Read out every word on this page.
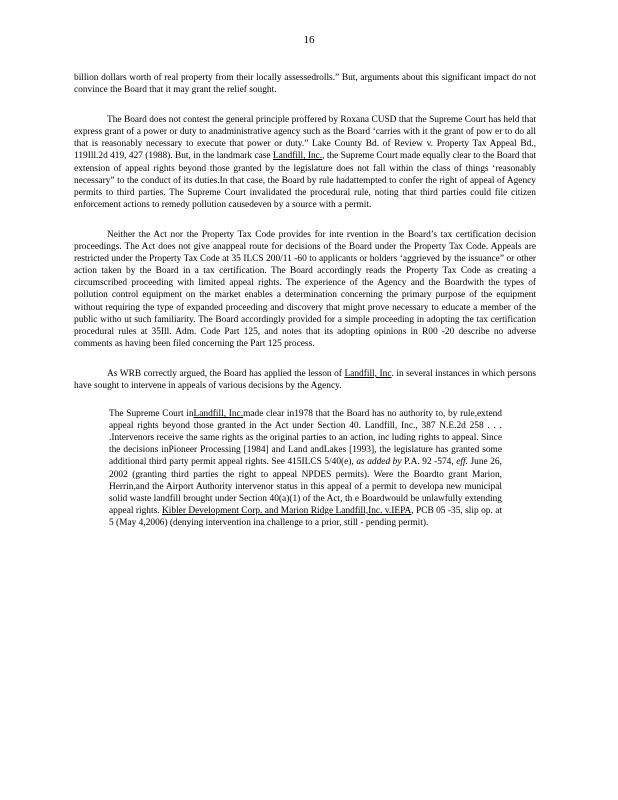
16

billion dollars worth of real property from their locally assessedrolls.” But, arguments about this significant impact do not convince the Board that it may grant the relief sought.

The Board does not contest the general principle proffered by Roxana CUSD that the Supreme Court has held that express grant of a power or duty to anadministrative agency such as the Board ‘carries with it the grant of pow er to do all that is reasonably necessary to execute that power or duty.” Lake County Bd. of Review v. Property Tax Appeal Bd., 119Ill.2d 419, 427 (1988). But, in the landmark case Landfill, Inc., the Supreme Court made equally clear to the Board that extension of appeal rights beyond those granted by the legislature does not fall within the class of things ‘reasonably necessary” to the conduct of its duties.In that case, the Board by rule hadattempted to confer the right of appeal of Agency permits to third parties. The Supreme Court invalidated the procedural rule, noting that third parties could file citizen enforcement actions to remedy pollution causedeven by a source with a permit.

Neither the Act nor the Property Tax Code provides for inte rvention in the Board’s tax certification decision proceedings. The Act does not give anappeal route for decisions of the Board under the Property Tax Code. Appeals are restricted under the Property Tax Code at 35 ILCS 200/11 -60 to applicants or holders ‘aggrieved by the issuance” or other action taken by the Board in a tax certification. The Board accordingly reads the Property Tax Code as creating a circumscribed proceeding with limited appeal rights. The experience of the Agency and the Boardwith the types of pollution control equipment on the market enables a determination concerning the primary purpose of the equipment without requiring the type of expanded proceeding and discovery that might prove necessary to educate a member of the public witho ut such familiarity. The Board accordingly provided for a simple proceeding in adopting the tax certification procedural rules at 35Ill. Adm. Code Part 125, and notes that its adopting opinions in R00 -20 describe no adverse comments as having been filed concerning the Part 125 process.

As WRB correctly argued, the Board has applied the lesson of Landfill, Inc. in several instances in which persons have sought to intervene in appeals of various decisions by the Agency.

The Supreme Court inLandfill, Inc.made clear in1978 that the Board has no authority to, by rule,extend appeal rights beyond those granted in the Act under Section 40. Landfill, Inc., 387 N.E.2d 258 . . . .Intervenors receive the same rights as the original parties to an action, inc luding rights to appeal. Since the decisions inPioneer Processing [1984] and Land andLakes [1993], the legislature has granted some additional third party permit appeal rights. See 415ILCS 5/40(e), as added by P.A. 92 -574, eff. June 26, 2002 (granting third parties the right to appeal NPDES permits). Were the Boardto grant Marion, Herrin,and the Airport Authority intervenor status in this appeal of a permit to developa new municipal solid waste landfill brought under Section 40(a)(1) of the Act, th e Boardwould be unlawfully extending appeal rights. Kibler Development Corp. and Marion Ridge Landfill,Inc. v.IEPA, PCB 05 -35, slip op. at 5 (May 4,2006) (denying intervention ina challenge to a prior, still - pending permit).
